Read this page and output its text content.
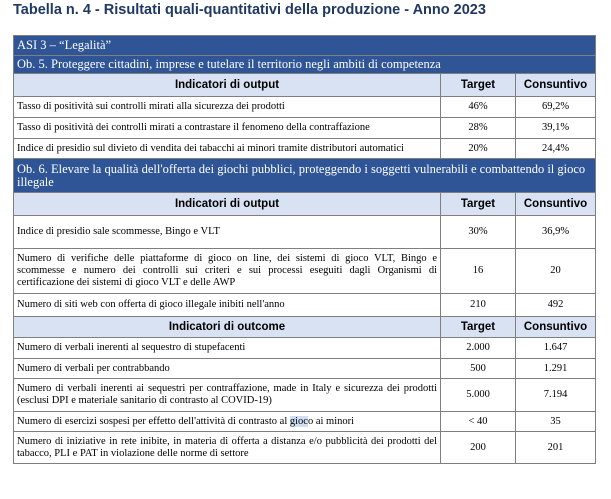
Tabella n. 4 - Risultati quali-quantitativi della produzione - Anno 2023
ASI 3 – “Legalità”		
Ob. 5. Proteggere cittadini, imprese e tutelare il territorio negli ambiti di competenza		
Indicatori di output	Target	Consuntivo
Tasso di positività sui controlli mirati alla sicurezza dei prodotti	46%	69,2%
Tasso di positività dei controlli mirati a contrastare il fenomeno della contraffazione	28%	39,1%
Indice di presidio sul divieto di vendita dei tabacchi ai minori tramite distributori automatici	20%	24,4%
Ob. 6. Elevare la qualità dell'offerta dei giochi pubblici, proteggendo i soggetti vulnerabili e combattendo il gioco illegale		
Indicatori di output	Target	Consuntivo
Indice di presidio sale scommesse, Bingo e VLT	30%	36,9%
Numero di verifiche delle piattaforme di gioco on line, dei sistemi di gioco VLT, Bingo e scommesse e numero dei controlli sui criteri e sui processi eseguiti dagli Organismi di certificazione dei sistemi di gioco VLT e delle AWP	16	20
Numero di siti web con offerta di gioco illegale inibiti nell'anno	210	492
Indicatori di outcome	Target	Consuntivo
Numero di verbali inerenti al sequestro di stupefacenti	2.000	1.647
Numero di verbali per contrabbando	500	1.291
Numero di verbali inerenti ai sequestri per contraffazione, made in Italy e sicurezza dei prodotti (esclusi DPI e materiale sanitario di contrasto al COVID-19)	5.000	7.194
Numero di esercizi sospesi per effetto dell'attività di contrasto al gioco ai minori	< 40	35
Numero di iniziative in rete inibite, in materia di offerta a distanza e/o pubblicità dei prodotti del tabacco, PLI e PAT in violazione delle norme di settore	200	201
